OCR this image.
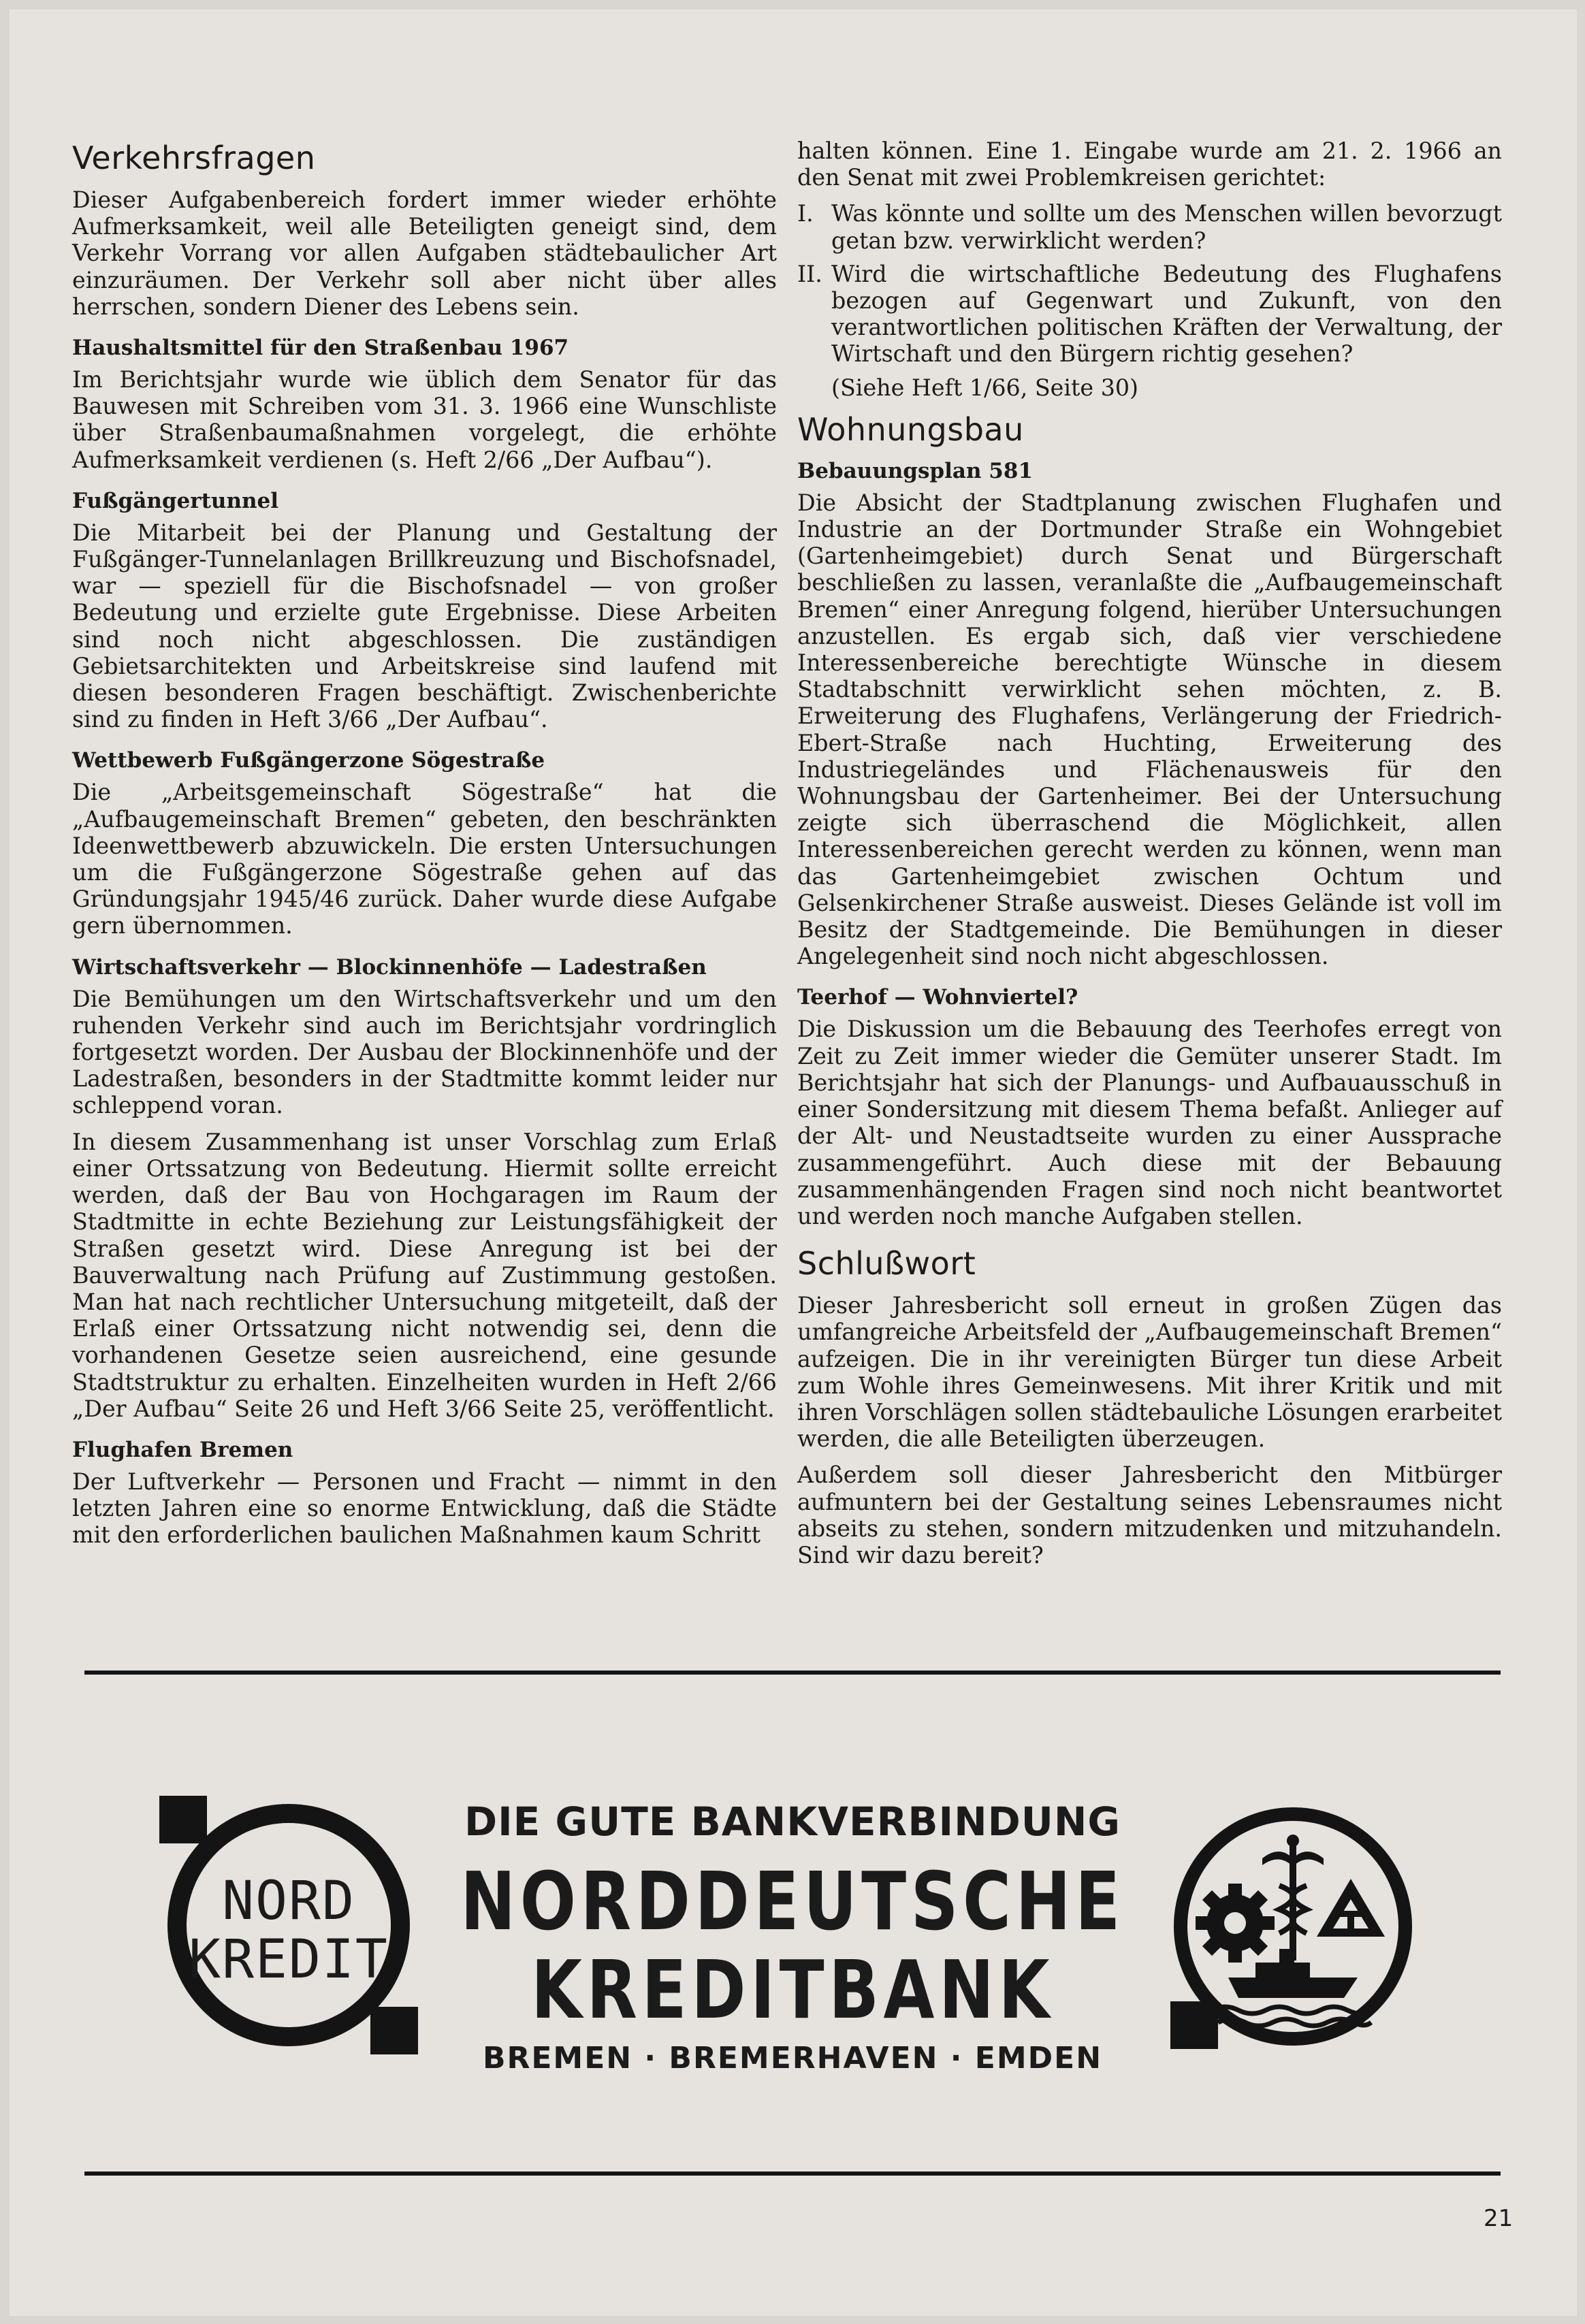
Verkehrsfragen

Dieser Aufgabenbereich fordert immer wieder erhöhte Aufmerksamkeit, weil alle Beteiligten geneigt sind, dem Verkehr Vorrang vor allen Aufgaben städtebaulicher Art einzuräumen. Der Verkehr soll aber nicht über alles herrschen, sondern Diener des Lebens sein.

Haushaltsmittel für den Straßenbau 1967

Im Berichtsjahr wurde wie üblich dem Senator für das Bauwesen mit Schreiben vom 31. 3. 1966 eine Wunschliste über Straßenbaumaßnahmen vorgelegt, die erhöhte Aufmerksamkeit verdienen (s. Heft 2/66 „Der Aufbau“).

Fußgängertunnel

Die Mitarbeit bei der Planung und Gestaltung der Fußgänger-Tunnelanlagen Brillkreuzung und Bischofsnadel, war — speziell für die Bischofsnadel — von großer Bedeutung und erzielte gute Ergebnisse. Diese Arbeiten sind noch nicht abgeschlossen. Die zuständigen Gebietsarchitekten und Arbeitskreise sind laufend mit diesen besonderen Fragen beschäftigt. Zwischenberichte sind zu finden in Heft 3/66 „Der Aufbau“.

Wettbewerb Fußgängerzone Sögestraße

Die „Arbeitsgemeinschaft Sögestraße“ hat die „Aufbaugemeinschaft Bremen“ gebeten, den beschränkten Ideenwettbewerb abzuwickeln. Die ersten Untersuchungen um die Fußgängerzone Sögestraße gehen auf das Gründungsjahr 1945/46 zurück. Daher wurde diese Aufgabe gern übernommen.

Wirtschaftsverkehr — Blockinnenhöfe — Ladestraßen

Die Bemühungen um den Wirtschaftsverkehr und um den ruhenden Verkehr sind auch im Berichtsjahr vordringlich fortgesetzt worden. Der Ausbau der Blockinnenhöfe und der Ladestraßen, besonders in der Stadtmitte kommt leider nur schleppend voran.

In diesem Zusammenhang ist unser Vorschlag zum Erlaß einer Ortssatzung von Bedeutung. Hiermit sollte erreicht werden, daß der Bau von Hochgaragen im Raum der Stadtmitte in echte Beziehung zur Leistungsfähigkeit der Straßen gesetzt wird. Diese Anregung ist bei der Bauverwaltung nach Prüfung auf Zustimmung gestoßen. Man hat nach rechtlicher Untersuchung mitgeteilt, daß der Erlaß einer Ortssatzung nicht notwendig sei, denn die vorhandenen Gesetze seien ausreichend, eine gesunde Stadtstruktur zu erhalten. Einzelheiten wurden in Heft 2/66 „Der Aufbau“ Seite 26 und Heft 3/66 Seite 25, veröffentlicht.

Flughafen Bremen

Der Luftverkehr — Personen und Fracht — nimmt in den letzten Jahren eine so enorme Entwicklung, daß die Städte mit den erforderlichen baulichen Maßnahmen kaum Schritt

halten können. Eine 1. Eingabe wurde am 21. 2. 1966 an den Senat mit zwei Problemkreisen gerichtet:

I. Was könnte und sollte um des Menschen willen bevorzugt getan bzw. verwirklicht werden?
II. Wird die wirtschaftliche Bedeutung des Flughafens bezogen auf Gegenwart und Zukunft, von den verantwortlichen politischen Kräften der Verwaltung, der Wirtschaft und den Bürgern richtig gesehen?

(Siehe Heft 1/66, Seite 30)

Wohnungsbau
Bebauungsplan 581

Die Absicht der Stadtplanung zwischen Flughafen und Industrie an der Dortmunder Straße ein Wohngebiet (Gartenheimgebiet) durch Senat und Bürgerschaft beschließen zu lassen, veranlaßte die „Aufbaugemeinschaft Bremen“ einer Anregung folgend, hierüber Untersuchungen anzustellen. Es ergab sich, daß vier verschiedene Interessenbereiche berechtigte Wünsche in diesem Stadtabschnitt verwirklicht sehen möchten, z. B. Erweiterung des Flughafens, Verlängerung der Friedrich-Ebert-Straße nach Huchting, Erweiterung des Industriegeländes und Flächenausweis für den Wohnungsbau der Gartenheimer. Bei der Untersuchung zeigte sich überraschend die Möglichkeit, allen Interessenbereichen gerecht werden zu können, wenn man das Gartenheimgebiet zwischen Ochtum und Gelsenkirchener Straße ausweist. Dieses Gelände ist voll im Besitz der Stadtgemeinde. Die Bemühungen in dieser Angelegenheit sind noch nicht abgeschlossen.

Teerhof — Wohnviertel?

Die Diskussion um die Bebauung des Teerhofes erregt von Zeit zu Zeit immer wieder die Gemüter unserer Stadt. Im Berichtsjahr hat sich der Planungs- und Aufbauausschuß in einer Sondersitzung mit diesem Thema befaßt. Anlieger auf der Alt- und Neustadtseite wurden zu einer Aussprache zusammengeführt. Auch diese mit der Bebauung zusammenhängenden Fragen sind noch nicht beantwortet und werden noch manche Aufgaben stellen.

Schlußwort

Dieser Jahresbericht soll erneut in großen Zügen das umfangreiche Arbeitsfeld der „Aufbaugemeinschaft Bremen“ aufzeigen. Die in ihr vereinigten Bürger tun diese Arbeit zum Wohle ihres Gemeinwesens. Mit ihrer Kritik und mit ihren Vorschlägen sollen städtebauliche Lösungen erarbeitet werden, die alle Beteiligten überzeugen.

Außerdem soll dieser Jahresbericht den Mitbürger aufmuntern bei der Gestaltung seines Lebensraumes nicht abseits zu stehen, sondern mitzudenken und mitzuhandeln. Sind wir dazu bereit?

NORD
KREDIT
DIE GUTE BANKVERBINDUNG
NORDDEUTSCHE
KREDITBANK
BREMEN · BREMERHAVEN · EMDEN
21
